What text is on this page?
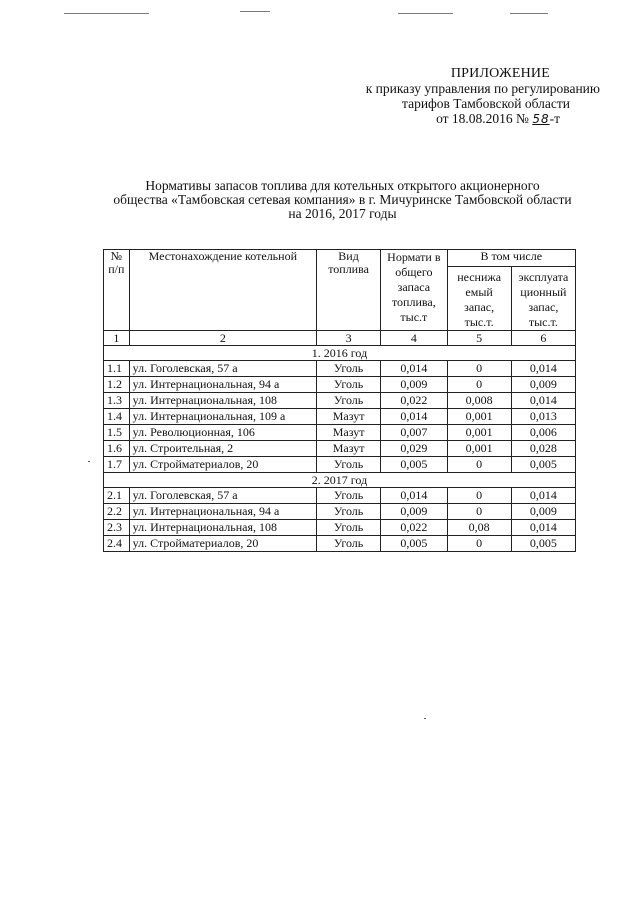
ПРИЛОЖЕНИЕ
к приказу управления по регулированию
тарифов Тамбовской области
от 18.08.2016 № 58-т
Нормативы запасов топлива для котельных открытого акционерного
общества «Тамбовская сетевая компания» в г. Мичуринске Тамбовской области
на 2016, 2017 годы
№ п/п	Местонахождение котельной	Вид топлива	Нормати в общего запаса топлива, тыс.т	В том числе	
				неснижа емый запас, тыс.т.	эксплуата ционный запас, тыс.т.
1	2	3	4	5	6
1. 2016 год					
1.1	ул. Гоголевская, 57 а	Уголь	0,014	0	0,014
1.2	ул. Интернациональная, 94 а	Уголь	0,009	0	0,009
1.3	ул. Интернациональная, 108	Уголь	0,022	0,008	0,014
1.4	ул. Интернациональная, 109 а	Мазут	0,014	0,001	0,013
1.5	ул. Революционная, 106	Мазут	0,007	0,001	0,006
1.6	ул. Строительная, 2	Мазут	0,029	0,001	0,028
1.7	ул. Стройматериалов, 20	Уголь	0,005	0	0,005
2. 2017 год					
2.1	ул. Гоголевская, 57 а	Уголь	0,014	0	0,014
2.2	ул. Интернациональная, 94 а	Уголь	0,009	0	0,009
2.3	ул. Интернациональная, 108	Уголь	0,022	0,08	0,014
2.4	ул. Стройматериалов, 20	Уголь	0,005	0	0,005
